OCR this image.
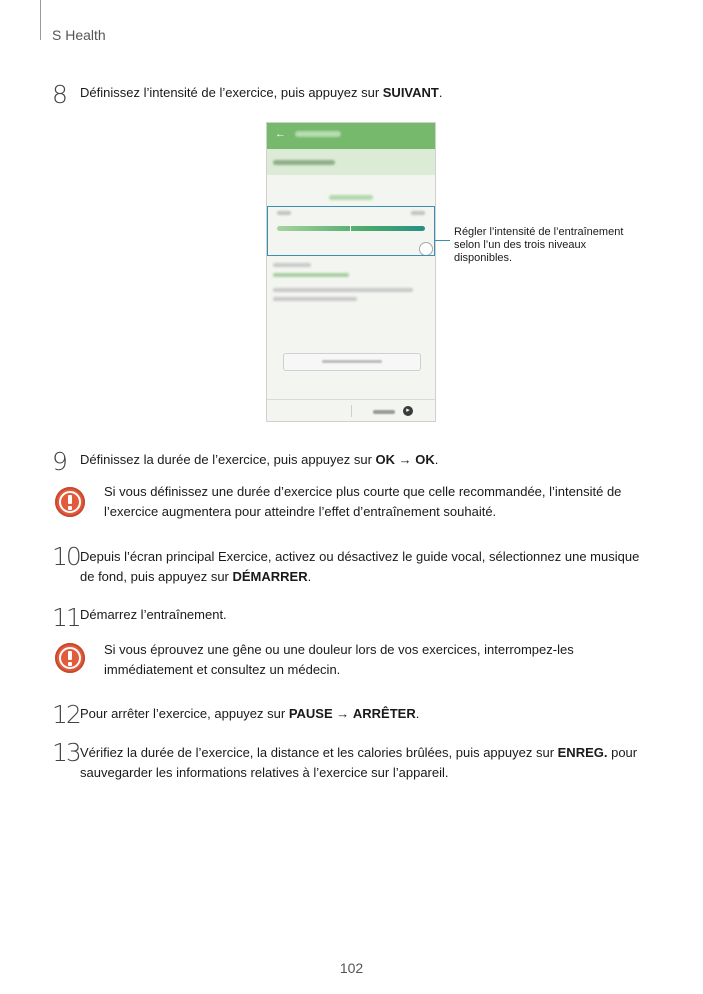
S Health
8 Définissez l’intensité de l’exercice, puis appuyez sur SUIVANT.
←
▸
Régler l’intensité de l’entraînement selon l’un des trois niveaux disponibles.
9 Définissez la durée de l’exercice, puis appuyez sur OK → OK.
Si vous définissez une durée d’exercice plus courte que celle recommandée, l’intensité de
l’exercice augmentera pour atteindre l’effet d’entraînement souhaité.
10 Depuis l’écran principal Exercice, activez ou désactivez le guide vocal, sélectionnez une musique
de fond, puis appuyez sur DÉMARRER.
11 Démarrez l’entraînement.
Si vous éprouvez une gêne ou une douleur lors de vos exercices, interrompez-les
immédiatement et consultez un médecin.
12 Pour arrêter l’exercice, appuyez sur PAUSE → ARRÊTER.
13 Vérifiez la durée de l’exercice, la distance et les calories brûlées, puis appuyez sur ENREG. pour
sauvegarder les informations relatives à l’exercice sur l’appareil.
102
